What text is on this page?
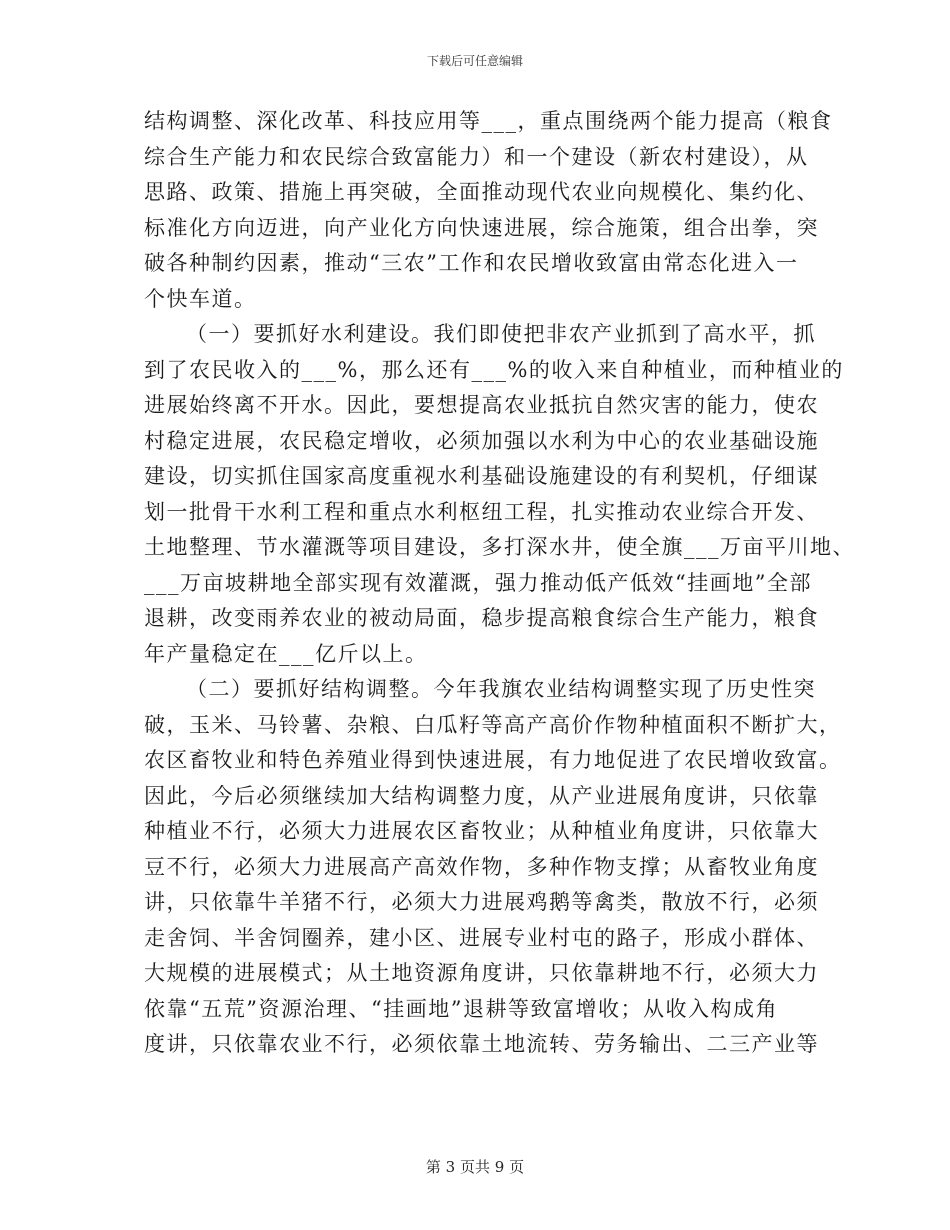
下载后可任意编辑
结构调整、深化改革、科技应用等___，重点围绕两个能力提高（粮食
综合生产能力和农民综合致富能力）和一个建设（新农村建设），从
思路、政策、措施上再突破，全面推动现代农业向规模化、集约化、
标准化方向迈进，向产业化方向快速进展，综合施策，组合出拳，突
破各种制约因素，推动“三农”工作和农民增收致富由常态化进入一
个快车道。
（一）要抓好水利建设。我们即使把非农产业抓到了高水平，抓
到了农民收入的___%，那么还有___%的收入来自种植业，而种植业的
进展始终离不开水。因此，要想提高农业抵抗自然灾害的能力，使农
村稳定进展，农民稳定增收，必须加强以水利为中心的农业基础设施
建设，切实抓住国家高度重视水利基础设施建设的有利契机，仔细谋
划一批骨干水利工程和重点水利枢纽工程，扎实推动农业综合开发、
土地整理、节水灌溉等项目建设，多打深水井，使全旗___万亩平川地、
___万亩坡耕地全部实现有效灌溉，强力推动低产低效“挂画地”全部
退耕，改变雨养农业的被动局面，稳步提高粮食综合生产能力，粮食
年产量稳定在___亿斤以上。
（二）要抓好结构调整。今年我旗农业结构调整实现了历史性突
破，玉米、马铃薯、杂粮、白瓜籽等高产高价作物种植面积不断扩大，
农区畜牧业和特色养殖业得到快速进展，有力地促进了农民增收致富。
因此，今后必须继续加大结构调整力度，从产业进展角度讲，只依靠
种植业不行，必须大力进展农区畜牧业；从种植业角度讲，只依靠大
豆不行，必须大力进展高产高效作物，多种作物支撑；从畜牧业角度
讲，只依靠牛羊猪不行，必须大力进展鸡鹅等禽类，散放不行，必须
走舍饲、半舍饲圈养，建小区、进展专业村屯的路子，形成小群体、
大规模的进展模式；从土地资源角度讲，只依靠耕地不行，必须大力
依靠“五荒”资源治理、“挂画地”退耕等致富增收；从收入构成角
度讲，只依靠农业不行，必须依靠土地流转、劳务输出、二三产业等
第 3 页共 9 页
